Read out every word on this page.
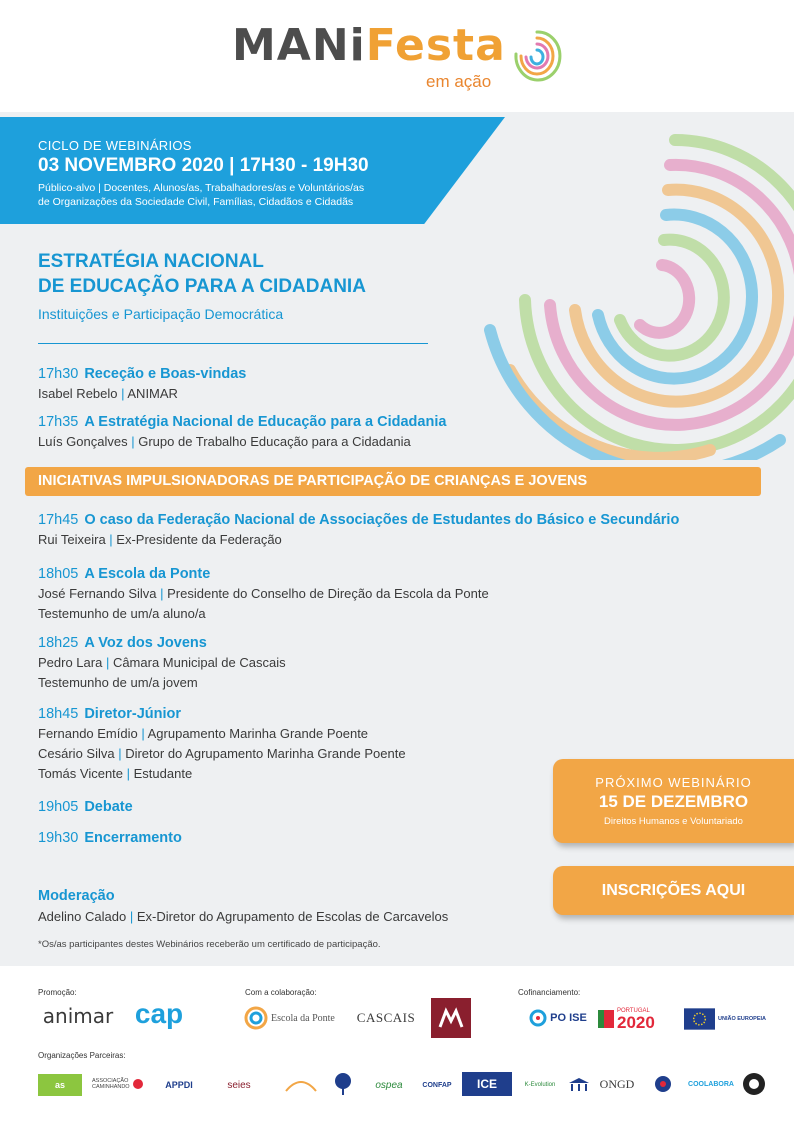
MANiFesta
em ação
CICLO DE WEBINÁRIOS
03 NOVEMBRO 2020 | 17H30 - 19H30
Público-alvo | Docentes, Alunos/as, Trabalhadores/as e Voluntários/as
de Organizações da Sociedade Civil, Famílias, Cidadãos e Cidadãs
ESTRATÉGIA NACIONAL
DE EDUCAÇÃO PARA A CIDADANIA
Instituições e Participação Democrática
17h30 Receção e Boas-vindas
Isabel Rebelo | ANIMAR
17h35 A Estratégia Nacional de Educação para a Cidadania
Luís Gonçalves | Grupo de Trabalho Educação para a Cidadania
INICIATIVAS IMPULSIONADORAS DE PARTICIPAÇÃO DE CRIANÇAS E JOVENS
17h45 O caso da Federação Nacional de Associações de Estudantes do Básico e Secundário
Rui Teixeira | Ex-Presidente da Federação
18h05 A Escola da Ponte
José Fernando Silva | Presidente do Conselho de Direção da Escola da Ponte
Testemunho de um/a aluno/a
18h25 A Voz dos Jovens
Pedro Lara | Câmara Municipal de Cascais
Testemunho de um/a jovem
18h45 Diretor-Júnior
Fernando Emídio | Agrupamento Marinha Grande Poente
Cesário Silva | Diretor do Agrupamento Marinha Grande Poente
Tomás Vicente | Estudante
19h05 Debate
19h30 Encerramento
PRÓXIMO WEBINÁRIO
15 DE DEZEMBRO
Direitos Humanos e Voluntariado
INSCRIÇÕES AQUI
Moderação
Adelino Calado | Ex-Diretor do Agrupamento de Escolas de Carcavelos
*Os/as participantes destes Webinários receberão um certificado de participação.
Promoção:	Com a colaboração:	Cofinanciamento:
Organizações Parceiras:
animar cap	Escola da Ponte CASCAIS	PO ISE
PORTUGAL
2020	UNIÃO EUROPEIA
as	ASSOCIAÇÃO CAMINHANDO	APPDI	seies	ospea	CONFAP ICE	K-Evolution	ONGD	COOLABORA
